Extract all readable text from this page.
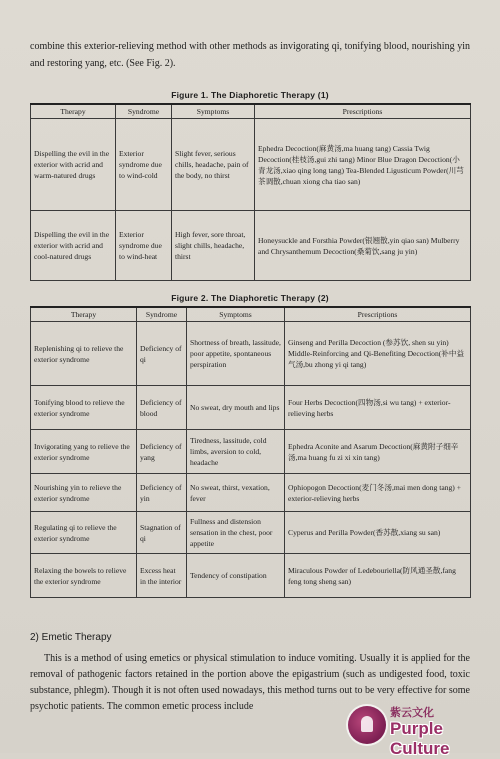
combine this exterior-relieving method with other methods as invigorating qi, tonifying blood, nourishing yin and restoring yang, etc. (See Fig. 2).
Figure 1. The Diaphoretic Therapy (1)
Therapy	Syndrome	Symptoms	Prescriptions
Dispelling the evil in the exterior with acrid and warm-natured drugs	Exterior syndrome due to wind-cold	Slight fever, serious chills, headache, pain of the body, no thirst	Ephedra Decoction(麻黄汤,ma huang tang) Cassia Twig Decoction(桂枝汤,gui zhi tang) Minor Blue Dragon Decoction(小青龙汤,xiao qing long tang) Tea-Blended Ligusticum Powder(川芎茶调散,chuan xiong cha tiao san)
Dispelling the evil in the exterior with acrid and cool-natured drugs	Exterior syndrome due to wind-heat	High fever, sore throat, slight chills, headache, thirst	Honeysuckle and Forsthia Powder(银翘散,yin qiao san) Mulberry and Chrysanthemum Decoction(桑菊饮,sang ju yin)
Figure 2. The Diaphoretic Therapy (2)
Therapy	Syndrome	Symptoms	Prescriptions
Replenishing qi to relieve the exterior syndrome	Deficiency of qi	Shortness of breath, lassitude, poor appetite, spontaneous perspiration	Ginseng and Perilla Decoction (参苏饮, shen su yin) Middle-Reinforcing and Qi-Benefiting Decoction(补中益气汤,bu zhong yi qi tang)
Tonifying blood to relieve the exterior syndrome	Deficiency of blood	No sweat, dry mouth and lips	Four Herbs Decoction(四物汤,si wu tang) + exterior-relieving herbs
Invigorating yang to relieve the exterior syndrome	Deficiency of yang	Tiredness, lassitude, cold limbs, aversion to cold, headache	Ephedra Aconite and Asarum Decoction(麻黄附子细辛汤,ma huang fu zi xi xin tang)
Nourishing yin to relieve the exterior syndrome	Deficiency of yin	No sweat, thirst, vexation, fever	Ophiopogon Decoction(麦门冬汤,mai men dong tang) + exterior-relieving herbs
Regulating qi to relieve the exterior syndrome	Stagnation of qi	Fullness and distension sensation in the chest, poor appetite	Cyperus and Perilla Powder(香苏散,xiang su san)
Relaxing the bowels to relieve the exterior syndrome	Excess heat in the interior	Tendency of constipation	Miraculous Powder of Ledebouriella(防风通圣散,fang feng tong sheng san)
2) Emetic Therapy
This is a method of using emetics or physical stimulation to induce vomiting. Usually it is applied for the removal of pathogenic factors retained in the portion above the epigastrium (such as undigested food, toxic substance, phlegm). Though it is not often used nowadays, this method turns out to be very effective for some psychotic patients. The common emetic process include	紫云文化
Purple Culture
